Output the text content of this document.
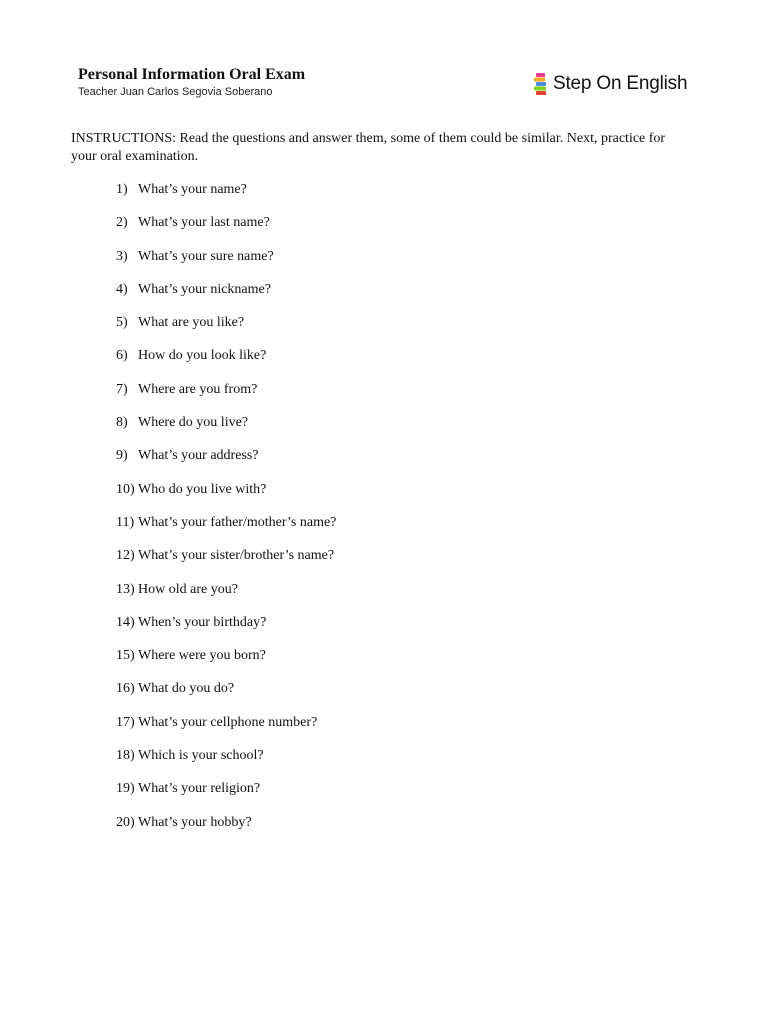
Personal Information Oral Exam
Teacher Juan Carlos Segovia Soberano	Step On English
INSTRUCTIONS: Read the questions and answer them, some of them could be similar. Next, practice for your oral examination.
1) What’s your name?
2) What’s your last name?
3) What’s your sure name?
4) What’s your nickname?
5) What are you like?
6) How do you look like?
7) Where are you from?
8) Where do you live?
9) What’s your address?
10) Who do you live with?
11) What’s your father/mother’s name?
12) What’s your sister/brother’s name?
13) How old are you?
14) When’s your birthday?
15) Where were you born?
16) What do you do?
17) What’s your cellphone number?
18) Which is your school?
19) What’s your religion?
20) What’s your hobby?
